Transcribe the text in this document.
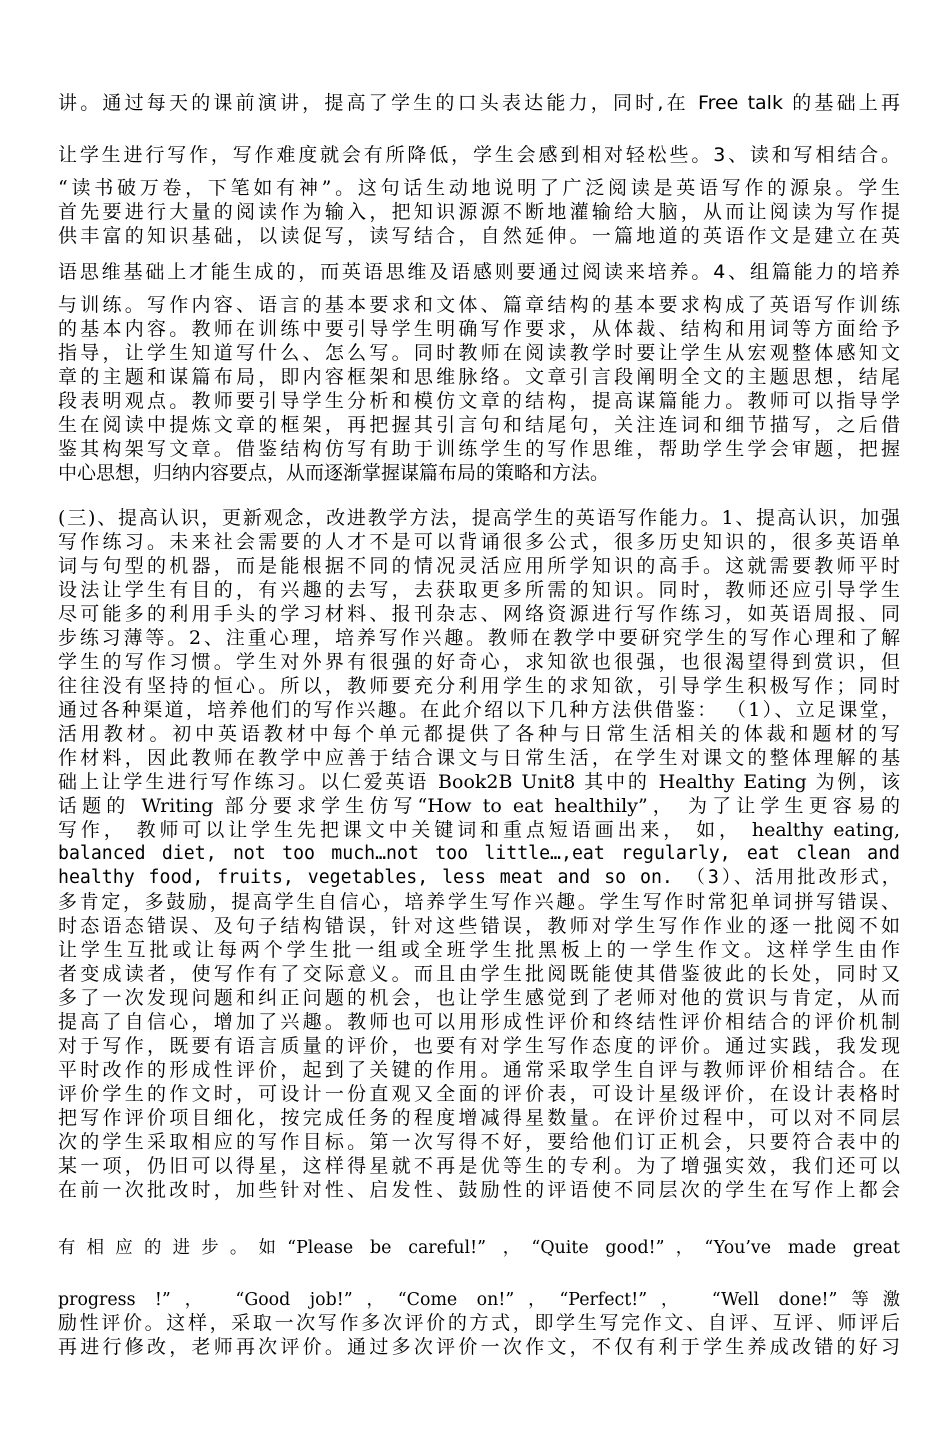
讲。通过每天的课前演讲，提高了学生的口头表达能力，同时,在 Free talk 的基础上再
让学生进行写作，写作难度就会有所降低，学生会感到相对轻松些。3、读和写相结合。
“读书破万卷，下笔如有神”。这句话生动地说明了广泛阅读是英语写作的源泉。学生
首先要进行大量的阅读作为输入，把知识源源不断地灌输给大脑，从而让阅读为写作提
供丰富的知识基础，以读促写，读写结合，自然延伸。一篇地道的英语作文是建立在英
语思维基础上才能生成的，而英语思维及语感则要通过阅读来培养。4、组篇能力的培养
与训练。写作内容、语言的基本要求和文体、篇章结构的基本要求构成了英语写作训练
的基本内容。教师在训练中要引导学生明确写作要求，从体裁、结构和用词等方面给予
指导，让学生知道写什么、怎么写。同时教师在阅读教学时要让学生从宏观整体感知文
章的主题和谋篇布局，即内容框架和思维脉络。文章引言段阐明全文的主题思想，结尾
段表明观点。教师要引导学生分析和模仿文章的结构，提高谋篇能力。教师可以指导学
生在阅读中提炼文章的框架，再把握其引言句和结尾句，关注连词和细节描写，之后借
鉴其构架写文章。借鉴结构仿写有助于训练学生的写作思维，帮助学生学会审题，把握
中心思想，归纳内容要点，从而逐渐掌握谋篇布局的策略和方法。
(三)、提高认识，更新观念，改进教学方法，提高学生的英语写作能力。1、提高认识，加强
写作练习。未来社会需要的人才不是可以背诵很多公式，很多历史知识的，很多英语单
词与句型的机器，而是能根据不同的情况灵活应用所学知识的高手。这就需要教师平时
设法让学生有目的，有兴趣的去写，去获取更多所需的知识。同时，教师还应引导学生
尽可能多的利用手头的学习材料、报刊杂志、网络资源进行写作练习，如英语周报、同
步练习薄等。2、注重心理，培养写作兴趣。教师在教学中要研究学生的写作心理和了解
学生的写作习惯。学生对外界有很强的好奇心，求知欲也很强，也很渴望得到赏识，但
往往没有坚持的恒心。所以，教师要充分利用学生的求知欲，引导学生积极写作；同时
通过各种渠道，培养他们的写作兴趣。在此介绍以下几种方法供借鉴： （1）、立足课堂，
活用教材。初中英语教材中每个单元都提供了各种与日常生活相关的体裁和题材的写
作材料，因此教师在教学中应善于结合课文与日常生活，在学生对课文的整体理解的基
础上让学生进行写作练习。以仁爱英语 Book2B Unit8 其中的 Healthy Eating 为例，该
话题的 Writing 部分要求学生仿写“How to eat healthily”， 为了让学生更容易的
写作， 教师可以让学生先把课文中关键词和重点短语画出来， 如， healthy eating,
balanced diet, not too much…not too little…,eat regularly, eat clean and
healthy food, fruits, vegetables, less meat and so on. （3）、活用批改形式，
多肯定，多鼓励，提高学生自信心，培养学生写作兴趣。学生写作时常犯单词拼写错误、
时态语态错误、及句子结构错误，针对这些错误，教师对学生写作作业的逐一批阅不如
让学生互批或让每两个学生批一组或全班学生批黑板上的一学生作文。这样学生由作
者变成读者，使写作有了交际意义。而且由学生批阅既能使其借鉴彼此的长处，同时又
多了一次发现问题和纠正问题的机会，也让学生感觉到了老师对他的赏识与肯定，从而
提高了自信心，增加了兴趣。教师也可以用形成性评价和终结性评价相结合的评价机制
对于写作，既要有语言质量的评价，也要有对学生写作态度的评价。通过实践，我发现
平时改作的形成性评价，起到了关键的作用。通常采取学生自评与教师评价相结合。在
评价学生的作文时，可设计一份直观又全面的评价表，可设计星级评价，在设计表格时
把写作评价项目细化，按完成任务的程度增减得星数量。在评价过程中，可以对不同层
次的学生采取相应的写作目标。第一次写得不好，要给他们订正机会，只要符合表中的
某一项，仍旧可以得星，这样得星就不再是优等生的专利。为了增强实效，我们还可以
在前一次批改时，加些针对性、启发性、鼓励性的评语使不同层次的学生在写作上都会
有相应的进步。如“Please be careful!” ，“Quite good!”，“You’ve made great
progress !”， “Good job!”，“Come on!”，“Perfect!”， “Well done!”等激
励性评价。这样，采取一次写作多次评价的方式，即学生写完作文、自评、互评、师评后
再进行修改，老师再次评价。通过多次评价一次作文，不仅有利于学生养成改错的好习
